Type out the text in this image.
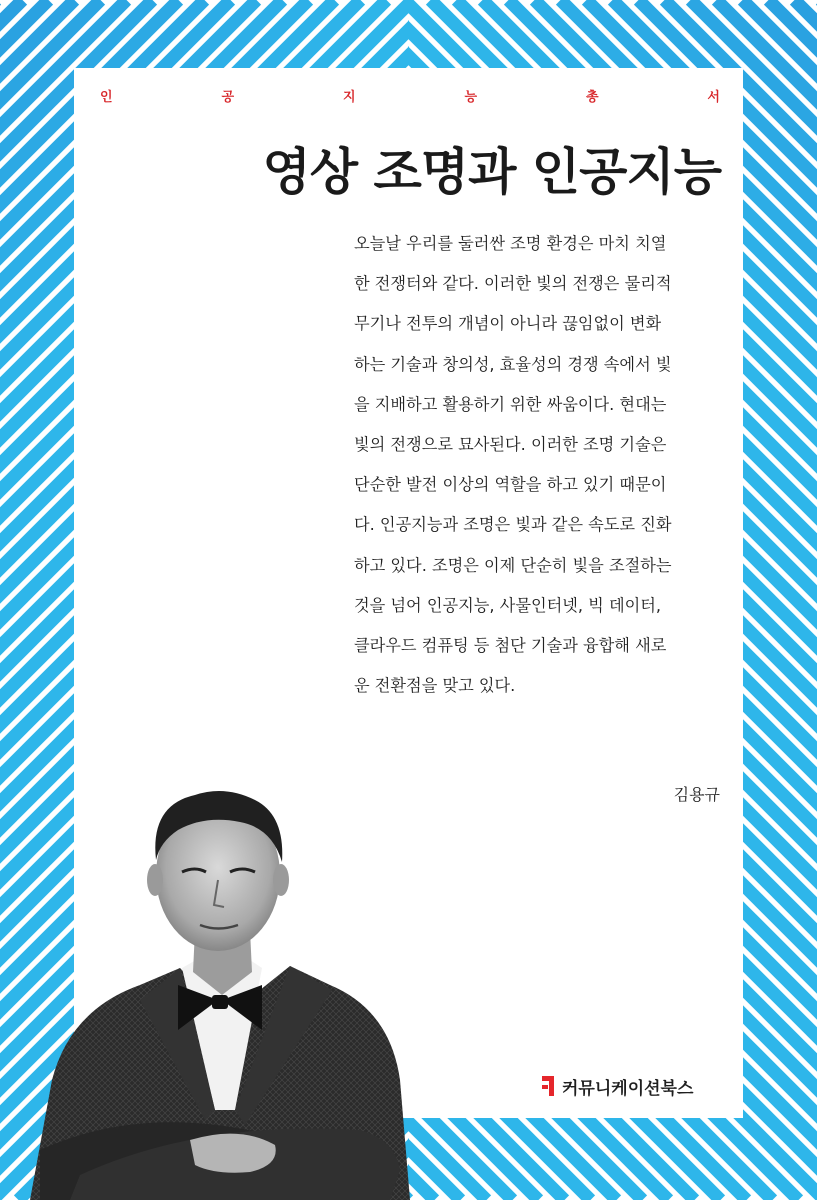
인	공	지	능	총	서
영상 조명과 인공지능

오늘날 우리를 둘러싼 조명 환경은 마치 치열
한 전쟁터와 같다. 이러한 빛의 전쟁은 물리적
무기나 전투의 개념이 아니라 끊임없이 변화
하는 기술과 창의성, 효율성의 경쟁 속에서 빛
을 지배하고 활용하기 위한 싸움이다. 현대는
빛의 전쟁으로 묘사된다. 이러한 조명 기술은
단순한 발전 이상의 역할을 하고 있기 때문이
다. 인공지능과 조명은 빛과 같은 속도로 진화
하고 있다. 조명은 이제 단순히 빛을 조절하는
것을 넘어 인공지능, 사물인터넷, 빅 데이터,
클라우드 컴퓨팅 등 첨단 기술과 융합해 새로
운 전환점을 맞고 있다.

김용규
커뮤니케이션북스
